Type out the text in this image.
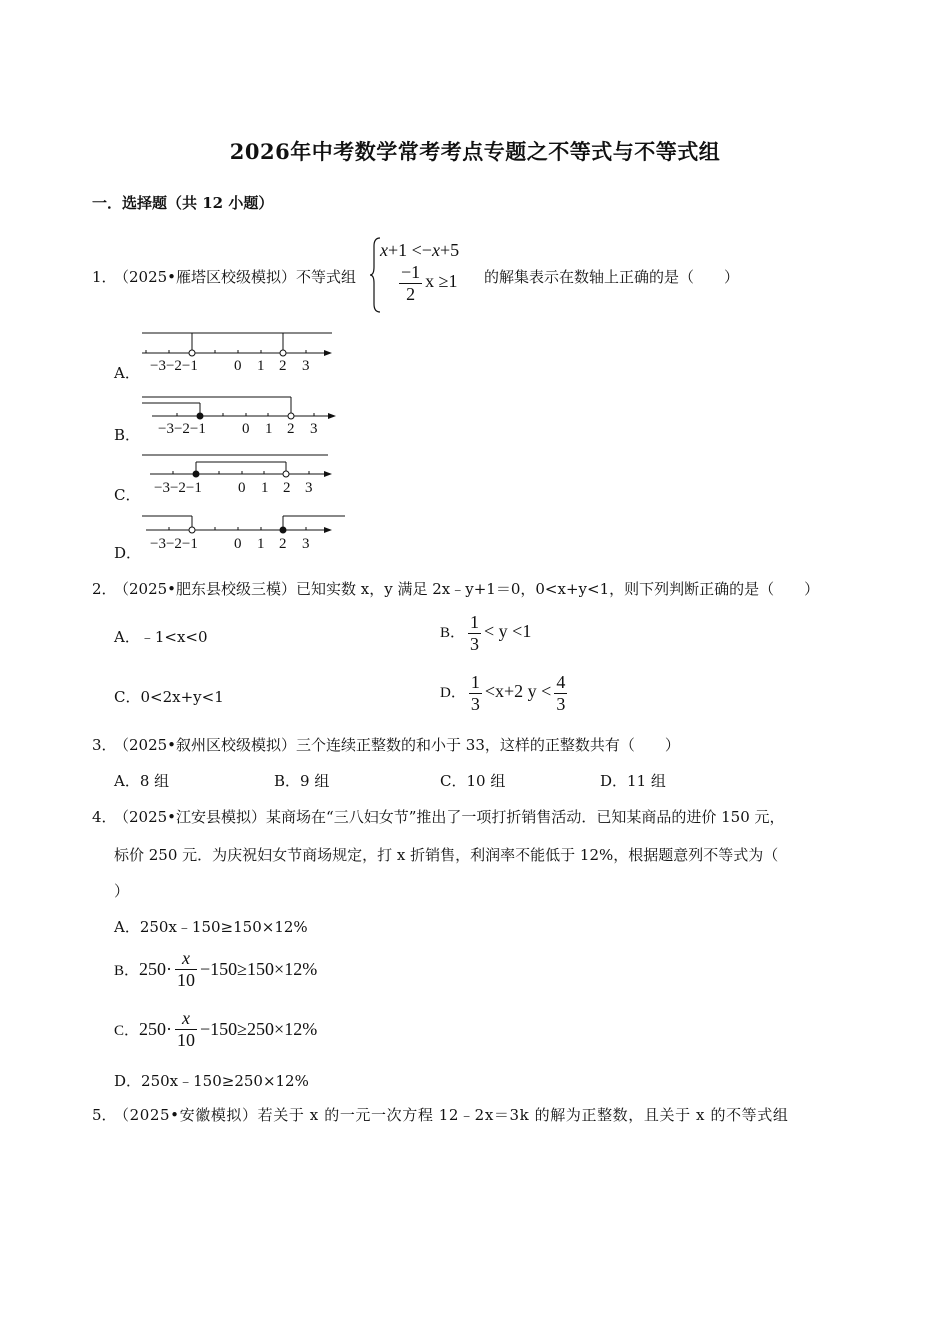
2026年中考数学常考考点专题之不等式与不等式组
一．选择题（共 12 小题）
1．
（2025•雁塔区校级模拟）不等式组
x+1 <−x+5
$\frac{-1}{2}$ x ≥1 的解集表示在数轴上正确的是（　　）
A． −3−2−1 0 1 2 3
B． −3−2−1 0 1 2 3
C． −3−2−1 0 1 2 3
D． −3−2−1 0 1 2 3
2．
（2025•肥东县校级三模）已知实数 x，y 满足 2x﹣y+1＝0，0<x+y<1，则下列判断正确的是（　　）
A．﹣1<x<0	B． $\frac{1}{3} < y <1$
C．0<2x+y<1	D． $\frac{1}{3} <x+2$ $y < \frac{4}{3}$
3．
（2025•叙州区校级模拟）三个连续正整数的和小于 33，这样的正整数共有（　　）
A．8 组	B．9 组	C．10 组	D．11 组
4．
（2025•江安县模拟）某商场在“三八妇女节”推出了一项打折销售活动．已知某商品的进价 150 元，
标价 250 元．为庆祝妇女节商场规定，打 x 折销售，利润率不能低于 12%，根据题意列不等式为（
）
A．250x﹣150≥150×12%
B．$250\cdot \frac{x}{10} -150\ge 150\times 12\%$
C．$250\cdot \frac{x}{10} -150\ge 250\times 12\%$
D．250x﹣150≥250×12%
5．
（2025•安徽模拟）若关于 x 的一元一次方程 12﹣2x＝3k 的解为正整数，且关于 x 的不等式组
